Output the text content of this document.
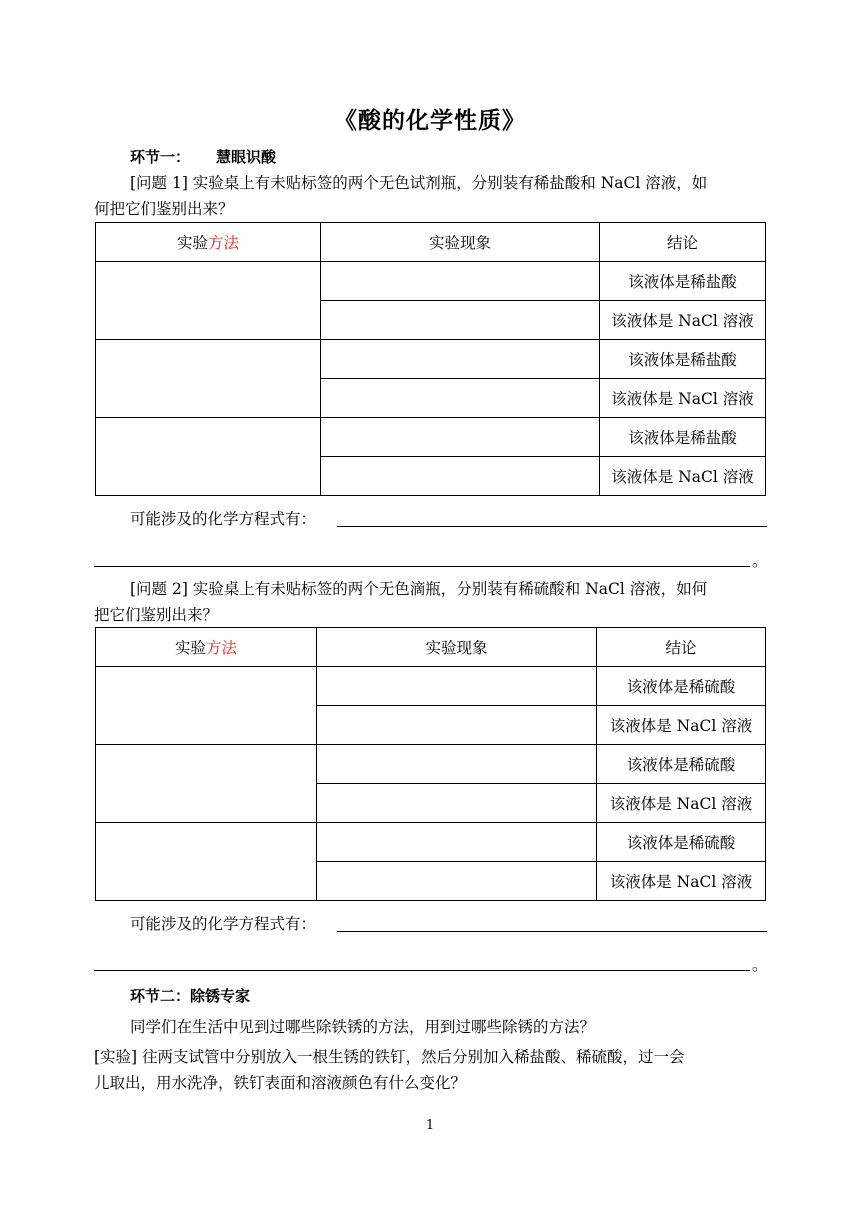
《酸的化学性质》
环节一： 慧眼识酸
[问题 1] 实验桌上有未贴标签的两个无色试剂瓶，分别装有稀盐酸和 NaCl 溶液，如
何把它们鉴别出来？
实验方法	实验现象	结论
		该液体是稀盐酸
		该液体是 NaCl 溶液
		该液体是稀盐酸
		该液体是 NaCl 溶液
		该液体是稀盐酸
		该液体是 NaCl 溶液
可能涉及的化学方程式有：
。
[问题 2] 实验桌上有未贴标签的两个无色滴瓶，分别装有稀硫酸和 NaCl 溶液，如何
把它们鉴别出来？
实验方法	实验现象	结论
		该液体是稀硫酸
		该液体是 NaCl 溶液
		该液体是稀硫酸
		该液体是 NaCl 溶液
		该液体是稀硫酸
		该液体是 NaCl 溶液
可能涉及的化学方程式有：
。
环节二：除锈专家
同学们在生活中见到过哪些除铁锈的方法，用到过哪些除锈的方法？
[实验] 往两支试管中分别放入一根生锈的铁钉，然后分别加入稀盐酸、稀硫酸，过一会
儿取出，用水洗净，铁钉表面和溶液颜色有什么变化？
1
